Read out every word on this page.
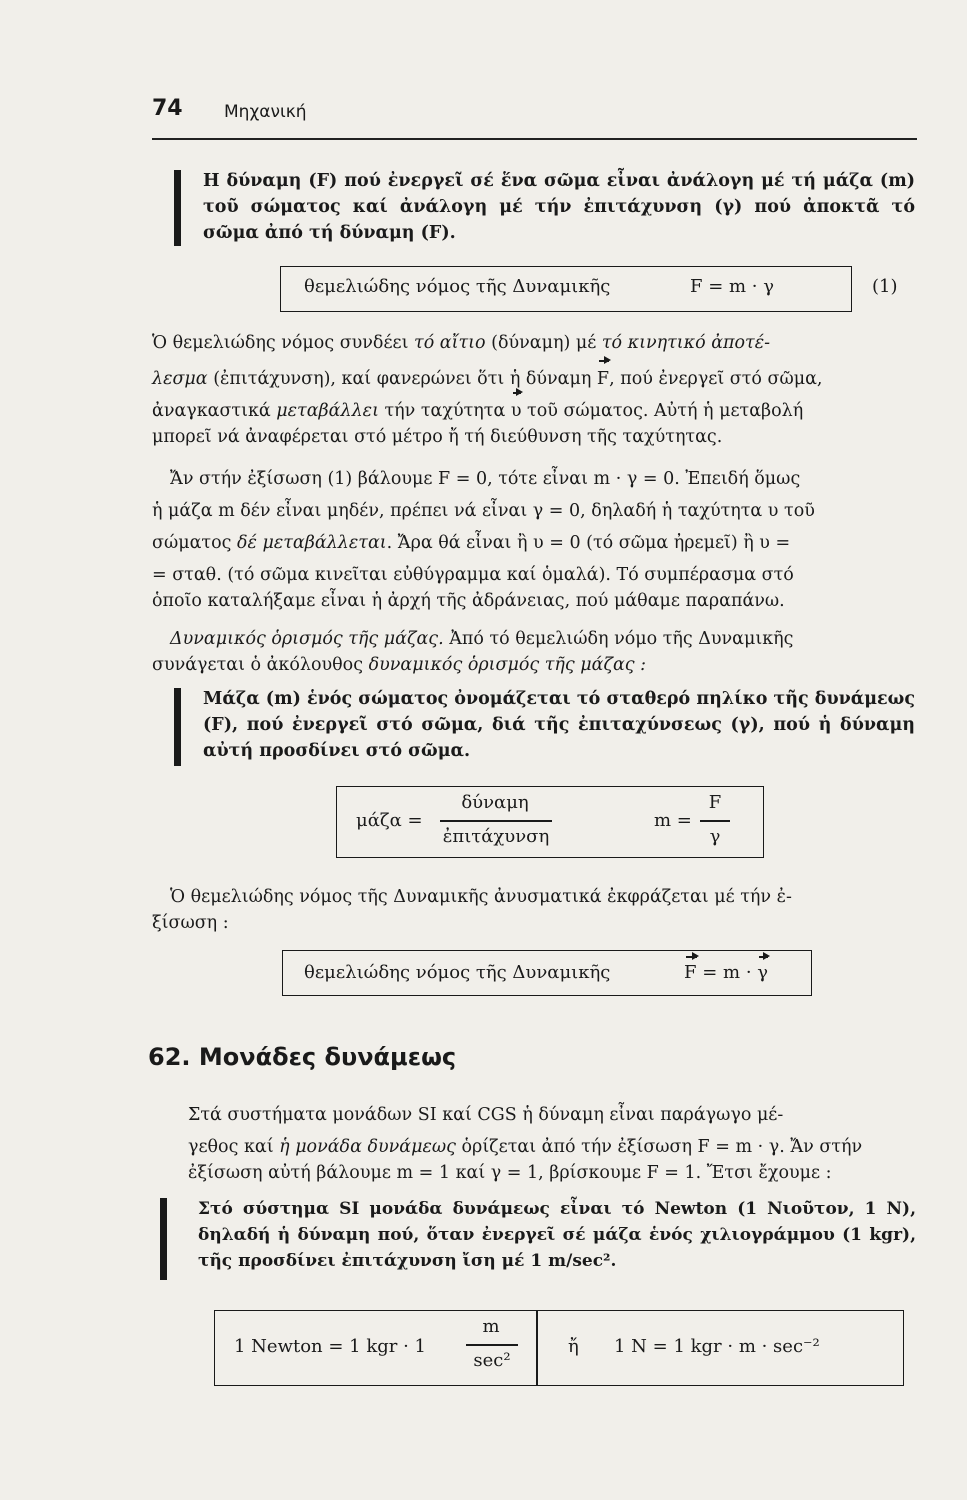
74 Μηχανική
Η δύναμη (F) πού ἐνεργεῖ σέ ἕνα σῶμα εἶναι ἀνάλογη μέ τή μάζα (m) τοῦ σώματος καί ἀνάλογη μέ τήν ἐπιτάχυνση (γ) πού ἀποκτᾶ τό σῶμα ἀπό τή δύναμη (F).
θεμελιώδης νόμος τῆς Δυναμικῆς	F = m · γ	(1)
Ὁ θεμελιώδης νόμος συνδέει τό αἴτιο (δύναμη) μέ τό κινητικό ἀποτέ-
λεσμα (ἐπιτάχυνση), καί φανερώνει ὅτι ἡ δύναμη F, πού ἐνεργεῖ στό σῶμα,
ἀναγκαστικά μεταβάλλει τήν ταχύτητα υ τοῦ σώματος. Αὐτή ἡ μεταβολή
μπορεῖ νά ἀναφέρεται στό μέτρο ἤ τή διεύθυνση τῆς ταχύτητας.
Ἄν στήν ἐξίσωση (1) βάλουμε F = 0, τότε εἶναι m · γ = 0. Ἐπειδή ὅμως
ἡ μάζα m δέν εἶναι μηδέν, πρέπει νά εἶναι γ = 0, δηλαδή ἡ ταχύτητα υ τοῦ
σώματος δέ μεταβάλλεται. Ἄρα θά εἶναι ἢ υ = 0 (τό σῶμα ἠρεμεῖ) ἢ υ =
= σταθ. (τό σῶμα κινεῖται εὐθύγραμμα καί ὁμαλά). Τό συμπέρασμα στό
ὁποῖο καταλήξαμε εἶναι ἡ ἀρχή τῆς ἀδράνειας, πού μάθαμε παραπάνω.
Δυναμικός ὁρισμός τῆς μάζας. Ἀπό τό θεμελιώδη νόμο τῆς Δυναμικῆς
συνάγεται ὁ ἀκόλουθος δυναμικός ὁρισμός τῆς μάζας :
Μάζα (m) ἑνός σώματος ὀνομάζεται τό σταθερό πηλίκο τῆς δυνάμεως (F), πού ἐνεργεῖ στό σῶμα, διά τῆς ἐπιταχύνσεως (γ), πού ἡ δύναμη αὐτή προσδίνει στό σῶμα.
μάζα =
δύναμη
ἐπιτάχυνση
m =
F
γ
Ὁ θεμελιώδης νόμος τῆς Δυναμικῆς ἀνυσματικά ἐκφράζεται μέ τήν ἐ-
ξίσωση :
θεμελιώδης νόμος τῆς Δυναμικῆς	F = m · γ
62. Μονάδες δυνάμεως
Στά συστήματα μονάδων SI καί CGS ἡ δύναμη εἶναι παράγωγο μέ-
γεθος καί ἡ μονάδα δυνάμεως ὁρίζεται ἀπό τήν ἐξίσωση F = m · γ. Ἄν στήν
ἐξίσωση αὐτή βάλουμε m = 1 καί γ = 1, βρίσκουμε F = 1. Ἔτσι ἔχουμε :
Στό σύστημα SI μονάδα δυνάμεως εἶναι τό Newton (1 Νιοῦτον, 1 N), δηλαδή ἡ δύναμη πού, ὅταν ἐνεργεῖ σέ μάζα ἑνός χιλιογράμμου (1 kgr), τῆς προσδίνει ἐπιτάχυνση ἴση μέ 1 m/sec².
1 Newton = 1 kgr · 1
m
sec²
ἤ 1 N = 1 kgr · m · sec⁻²
